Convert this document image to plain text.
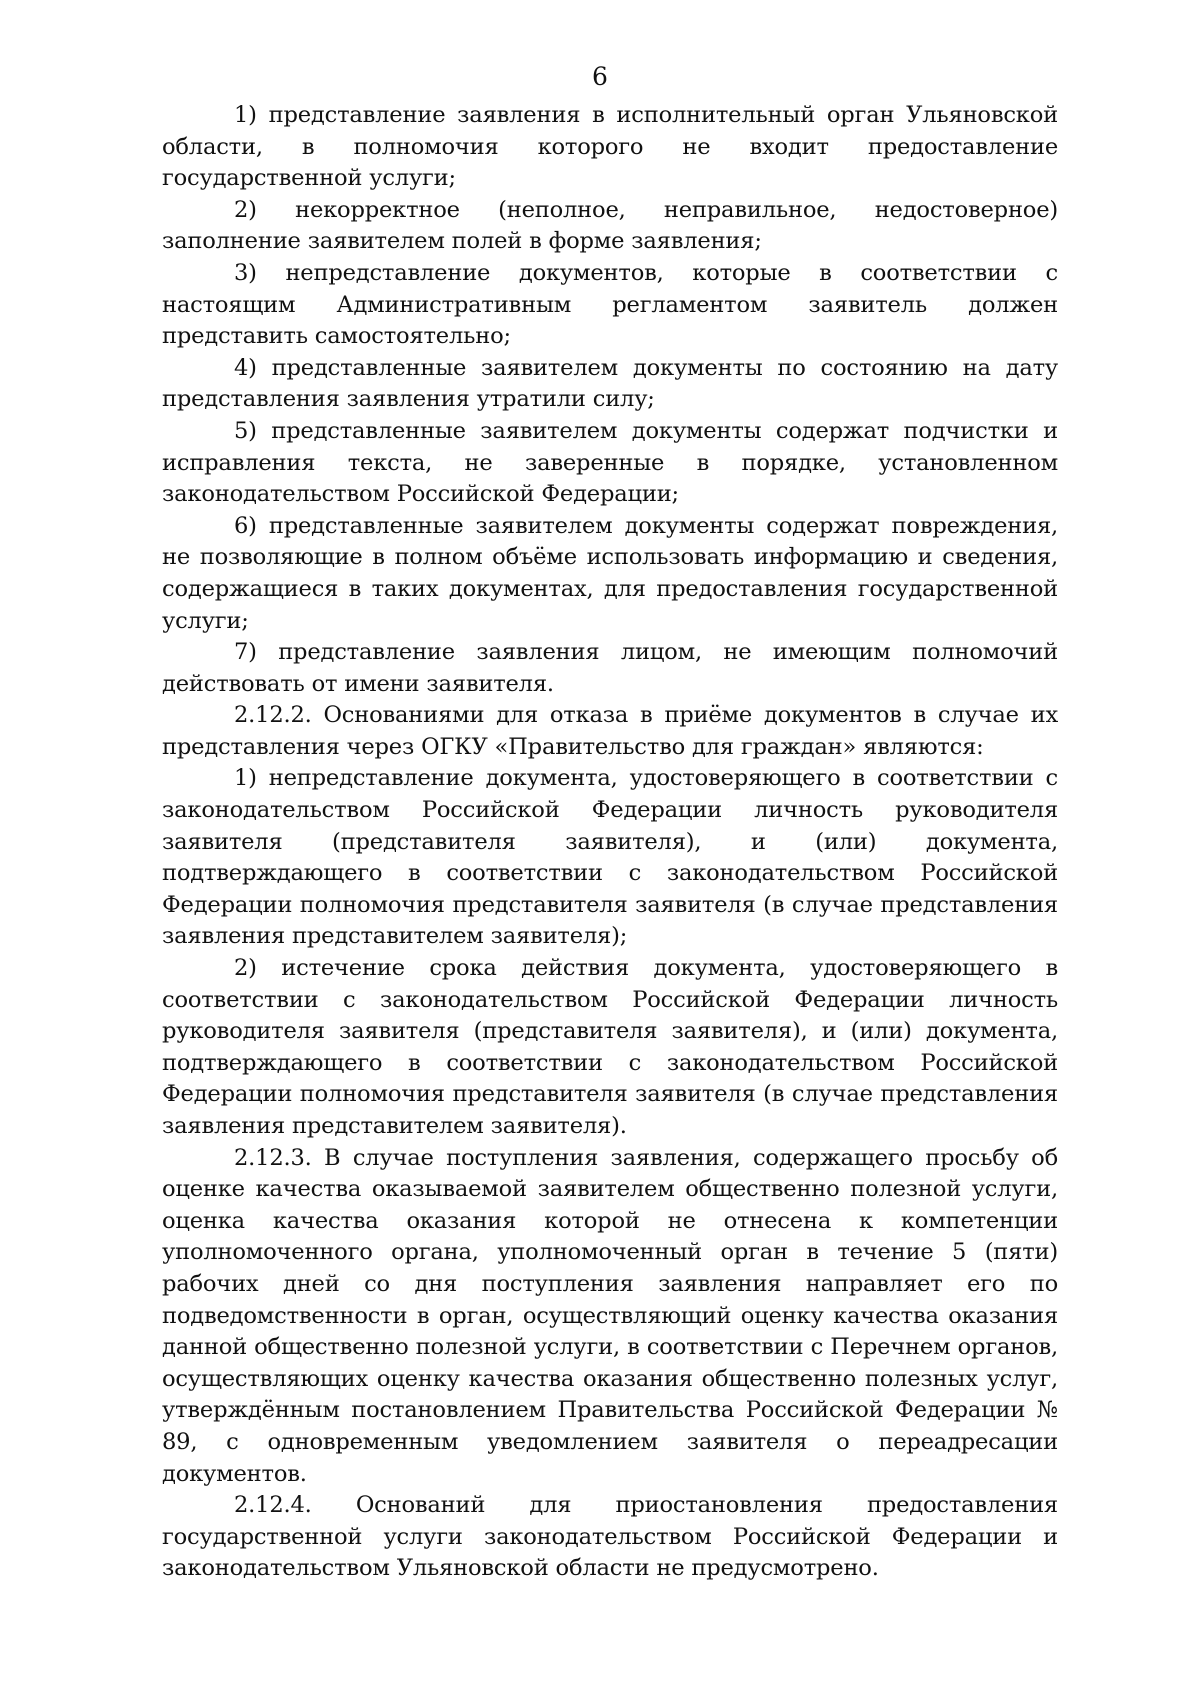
6

1) представление заявления в исполнительный орган Ульяновской области, в полномочия которого не входит предоставление государственной услуги;

2) некорректное (неполное, неправильное, недостоверное) заполнение заявителем полей в форме заявления;

3) непредставление документов, которые в соответствии с настоящим Административным регламентом заявитель должен представить самостоятельно;

4) представленные заявителем документы по состоянию на дату представления заявления утратили силу;

5) представленные заявителем документы содержат подчистки и исправления текста, не заверенные в порядке, установленном законодательством Российской Федерации;

6) представленные заявителем документы содержат повреждения, не позволяющие в полном объёме использовать информацию и сведения, содержащиеся в таких документах, для предоставления государственной услуги;

7) представление заявления лицом, не имеющим полномочий действовать от имени заявителя.

2.12.2. Основаниями для отказа в приёме документов в случае их представления через ОГКУ «Правительство для граждан» являются:

1) непредставление документа, удостоверяющего в соответствии с законодательством Российской Федерации личность руководителя заявителя (представителя заявителя), и (или) документа, подтверждающего в соответствии с законодательством Российской Федерации полномочия представителя заявителя (в случае представления заявления представителем заявителя);

2) истечение срока действия документа, удостоверяющего в соответствии с законодательством Российской Федерации личность руководителя заявителя (представителя заявителя), и (или) документа, подтверждающего в соответствии с законодательством Российской Федерации полномочия представителя заявителя (в случае представления заявления представителем заявителя).

2.12.3. В случае поступления заявления, содержащего просьбу об оценке качества оказываемой заявителем общественно полезной услуги, оценка качества оказания которой не отнесена к компетенции уполномоченного органа, уполномоченный орган в течение 5 (пяти) рабочих дней со дня поступления заявления направляет его по подведомственности в орган, осуществляющий оценку качества оказания данной общественно полезной услуги, в соответствии с Перечнем органов, осуществляющих оценку качества оказания общественно полезных услуг, утверждённым постановлением Правительства Российской Федерации № 89, с одновременным уведомлением заявителя о переадресации документов.

2.12.4. Оснований для приостановления предоставления государственной услуги законодательством Российской Федерации и законодательством Ульяновской области не предусмотрено.
